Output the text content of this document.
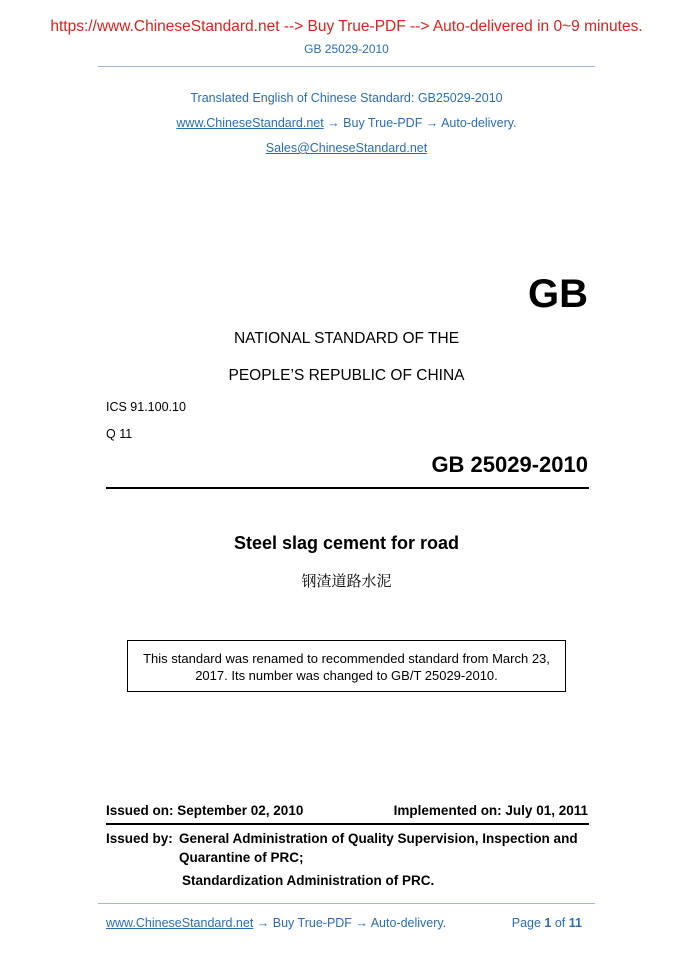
https://www.ChineseStandard.net --> Buy True-PDF --> Auto-delivered in 0~9 minutes.
GB 25029-2010
Translated English of Chinese Standard: GB25029-2010
www.ChineseStandard.net → Buy True-PDF → Auto-delivery.
Sales@ChineseStandard.net
GB
NATIONAL STANDARD OF THE
PEOPLE’S REPUBLIC OF CHINA
ICS 91.100.10
Q 11
GB 25029-2010
Steel slag cement for road
钢渣道路水泥
This standard was renamed to recommended standard from March 23,
2017. Its number was changed to GB/T 25029-2010.
Issued on: September 02, 2010	Implemented on: July 01, 2011
Issued by: General Administration of Quality Supervision, Inspection and
Quarantine of PRC;
Standardization Administration of PRC.
www.ChineseStandard.net → Buy True-PDF → Auto-delivery.	Page 1 of 11
